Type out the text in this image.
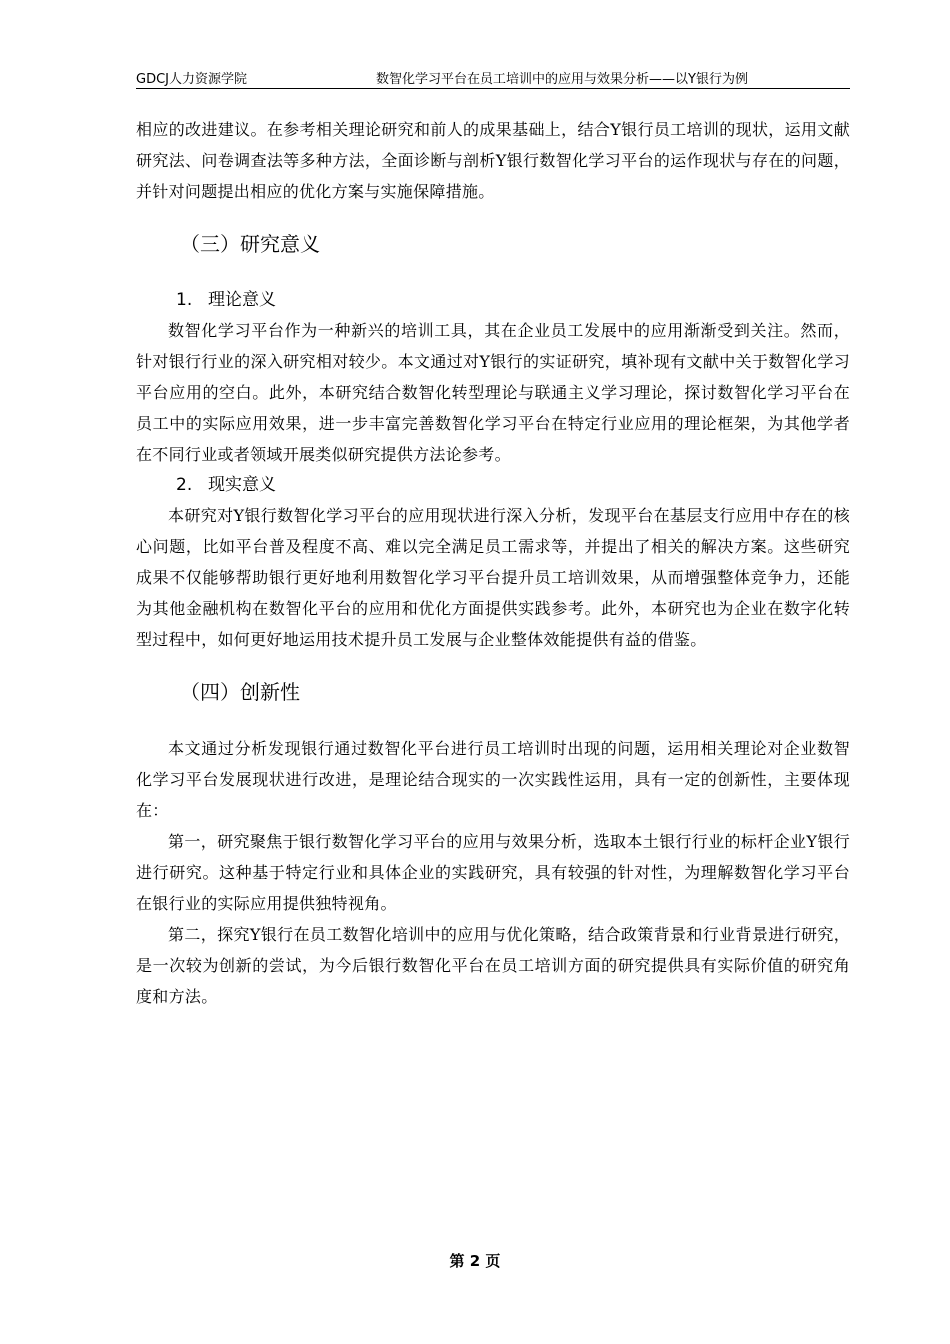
GDCJ人力资源学院	数智化学习平台在员工培训中的应用与效果分析——以Y银行为例

相应的改进建议。在参考相关理论研究和前人的成果基础上，结合Y银行员工培训的现状，运用文献研究法、问卷调查法等多种方法，全面诊断与剖析Y银行数智化学习平台的运作现状与存在的问题，并针对问题提出相应的优化方案与实施保障措施。

（三）研究意义

1. 理论意义

数智化学习平台作为一种新兴的培训工具，其在企业员工发展中的应用渐渐受到关注。然而，针对银行行业的深入研究相对较少。本文通过对Y银行的实证研究，填补现有文献中关于数智化学习平台应用的空白。此外，本研究结合数智化转型理论与联通主义学习理论，探讨数智化学习平台在员工中的实际应用效果，进一步丰富完善数智化学习平台在特定行业应用的理论框架，为其他学者在不同行业或者领域开展类似研究提供方法论参考。

2. 现实意义

本研究对Y银行数智化学习平台的应用现状进行深入分析，发现平台在基层支行应用中存在的核心问题，比如平台普及程度不高、难以完全满足员工需求等，并提出了相关的解决方案。这些研究成果不仅能够帮助银行更好地利用数智化学习平台提升员工培训效果，从而增强整体竞争力，还能为其他金融机构在数智化平台的应用和优化方面提供实践参考。此外，本研究也为企业在数字化转型过程中，如何更好地运用技术提升员工发展与企业整体效能提供有益的借鉴。

（四）创新性

本文通过分析发现银行通过数智化平台进行员工培训时出现的问题，运用相关理论对企业数智化学习平台发展现状进行改进，是理论结合现实的一次实践性运用，具有一定的创新性，主要体现在：

第一，研究聚焦于银行数智化学习平台的应用与效果分析，选取本土银行行业的标杆企业Y银行进行研究。这种基于特定行业和具体企业的实践研究，具有较强的针对性，为理解数智化学习平台在银行业的实际应用提供独特视角。

第二，探究Y银行在员工数智化培训中的应用与优化策略，结合政策背景和行业背景进行研究，是一次较为创新的尝试，为今后银行数智化平台在员工培训方面的研究提供具有实际价值的研究角度和方法。

第 2 页
